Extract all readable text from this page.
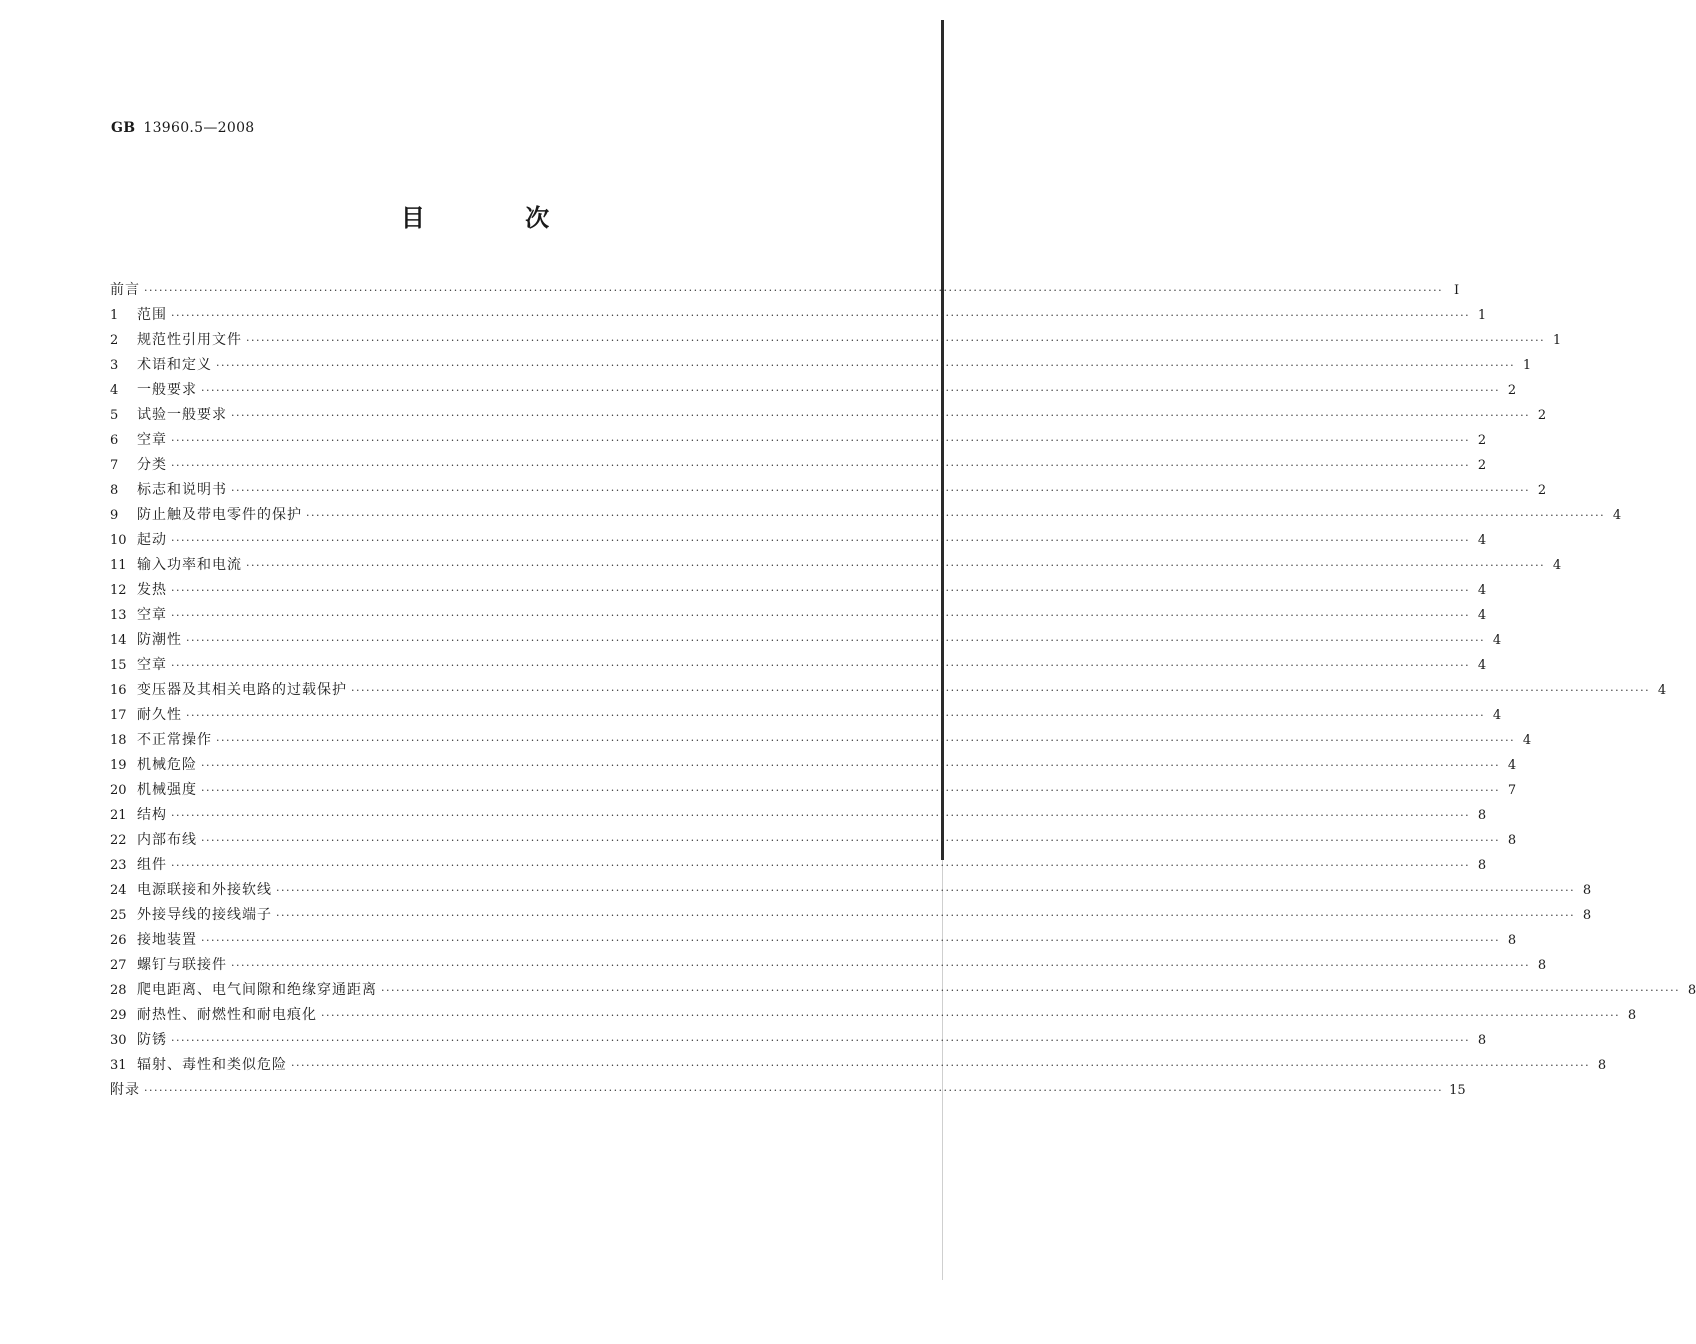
GB 13960.5—2008
目 次
前言 ···································································································································································································································································· I
1	范围 ···································································································································································································································································· 1
2	规范性引用文件 ···································································································································································································································································· 1
3	术语和定义 ···································································································································································································································································· 1
4	一般要求 ···································································································································································································································································· 2
5	试验一般要求 ···································································································································································································································································· 2
6	空章 ···································································································································································································································································· 2
7	分类 ···································································································································································································································································· 2
8	标志和说明书 ···································································································································································································································································· 2
9	防止触及带电零件的保护 ···································································································································································································································································· 4
10 起动 ···································································································································································································································································· 4
11 输入功率和电流 ···································································································································································································································································· 4
12 发热 ···································································································································································································································································· 4
13 空章 ···································································································································································································································································· 4
14 防潮性 ···································································································································································································································································· 4
15 空章 ···································································································································································································································································· 4
16 变压器及其相关电路的过载保护 ···································································································································································································································································· 4
17 耐久性 ···································································································································································································································································· 4
18 不正常操作 ···································································································································································································································································· 4
19 机械危险 ···································································································································································································································································· 4
20 机械强度 ···································································································································································································································································· 7
21 结构 ···································································································································································································································································· 8
22 内部布线 ···································································································································································································································································· 8
23 组件 ···································································································································································································································································· 8
24 电源联接和外接软线 ···································································································································································································································································· 8
25 外接导线的接线端子 ···································································································································································································································································· 8
26 接地装置 ···································································································································································································································································· 8
27 螺钉与联接件 ···································································································································································································································································· 8
28 爬电距离、电气间隙和绝缘穿通距离 ···································································································································································································································································· 8
29 耐热性、耐燃性和耐电痕化 ···································································································································································································································································· 8
30 防锈 ···································································································································································································································································· 8
31 辐射、毒性和类似危险 ···································································································································································································································································· 8
附录 ···································································································································································································································································· 15
